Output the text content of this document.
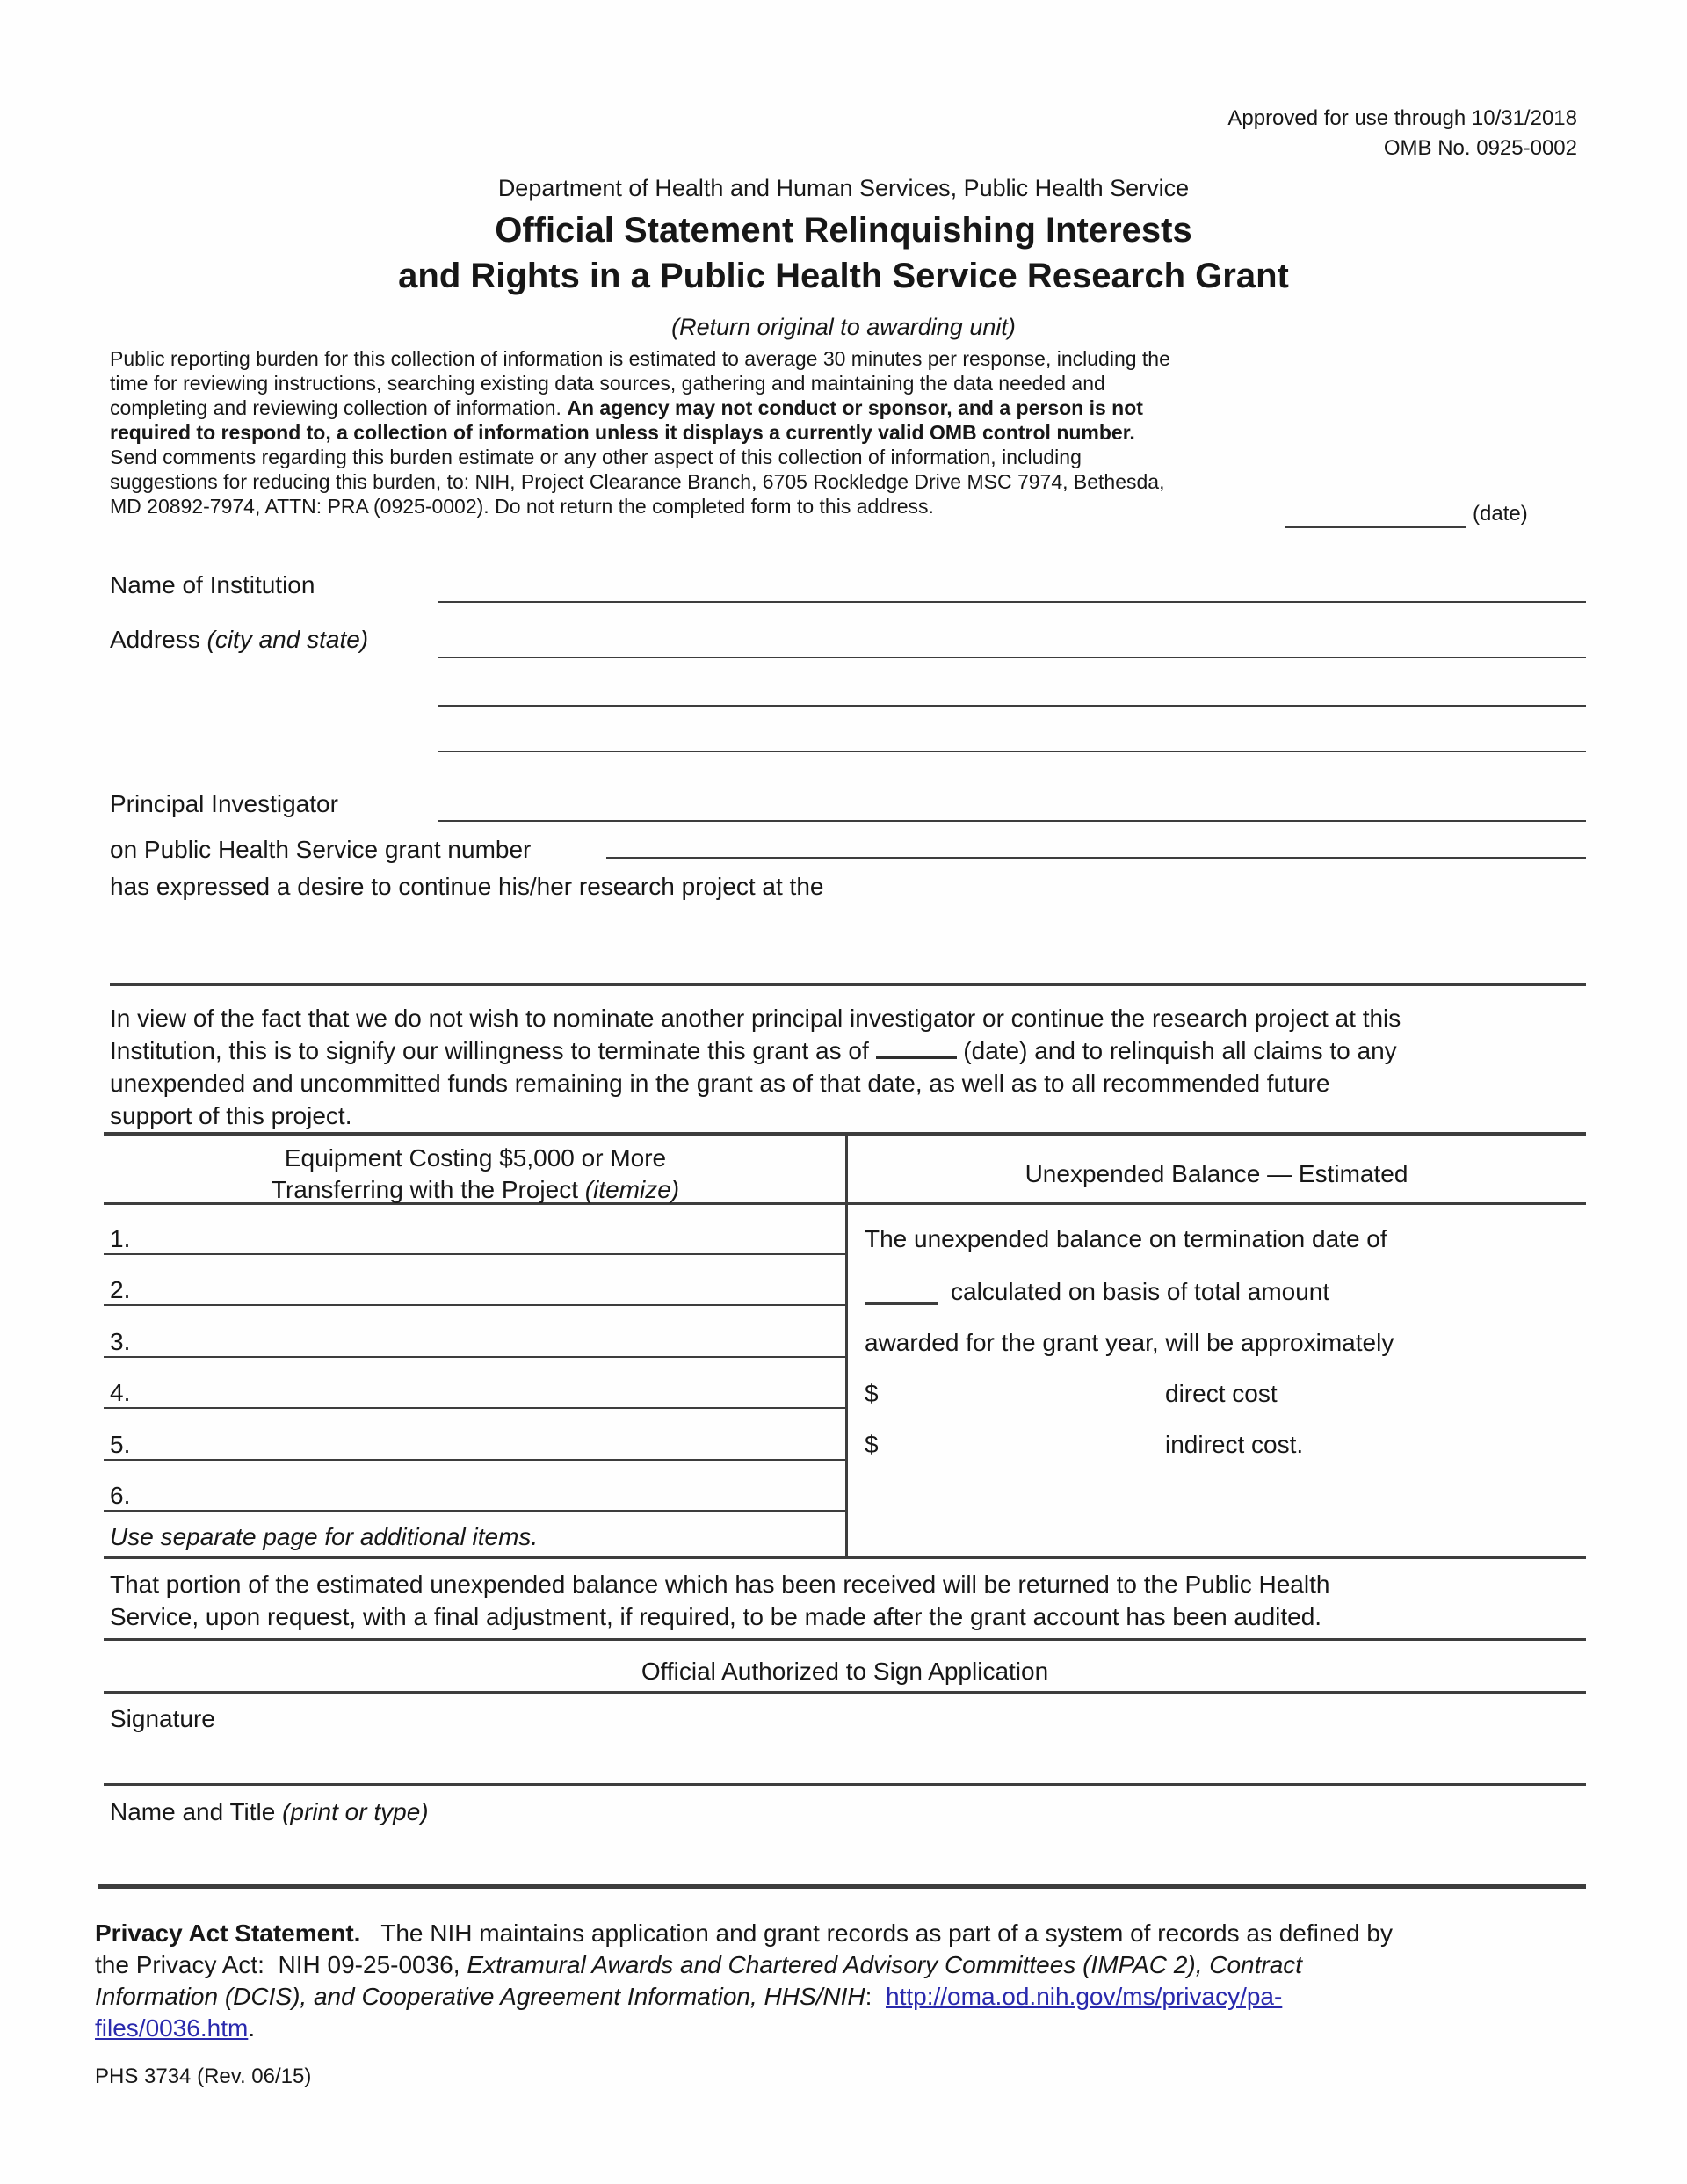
Approved for use through 10/31/2018
OMB No. 0925-0002
Department of Health and Human Services, Public Health Service
Official Statement Relinquishing Interests
and Rights in a Public Health Service Research Grant
(Return original to awarding unit)
Public reporting burden for this collection of information is estimated to average 30 minutes per response, including the
time for reviewing instructions, searching existing data sources, gathering and maintaining the data needed and
completing and reviewing collection of information. An agency may not conduct or sponsor, and a person is not
required to respond to, a collection of information unless it displays a currently valid OMB control number.
Send comments regarding this burden estimate or any other aspect of this collection of information, including
suggestions for reducing this burden, to: NIH, Project Clearance Branch, 6705 Rockledge Drive MSC 7974, Bethesda,
MD 20892-7974, ATTN: PRA (0925-0002). Do not return the completed form to this address.	(date)
Name of Institution
Address (city and state)
Principal Investigator
on Public Health Service grant number
has expressed a desire to continue his/her research project at the
In view of the fact that we do not wish to nominate another principal investigator or continue the research project at this
Institution, this is to signify our willingness to terminate this grant as of	(date) and to relinquish all claims to any
unexpended and uncommitted funds remaining in the grant as of that date, as well as to all recommended future
support of this project.
Equipment Costing $5,000 or More
Transferring with the Project (itemize)
Unexpended Balance — Estimated
1.
2.
3.
4.
5.
6.
Use separate page for additional items.
The unexpended balance on termination date of
calculated on basis of total amount
awarded for the grant year, will be approximately
$	direct cost
$	indirect cost.
That portion of the estimated unexpended balance which has been received will be returned to the Public Health
Service, upon request, with a final adjustment, if required, to be made after the grant account has been audited.
Official Authorized to Sign Application
Signature
Name and Title (print or type)
Privacy Act Statement.   The NIH maintains application and grant records as part of a system of records as defined by
the Privacy Act:  NIH 09-25-0036, Extramural Awards and Chartered Advisory Committees (IMPAC 2), Contract
Information (DCIS), and Cooperative Agreement Information, HHS/NIH:  http://oma.od.nih.gov/ms/privacy/pa-
files/0036.htm.
PHS 3734 (Rev. 06/15)
